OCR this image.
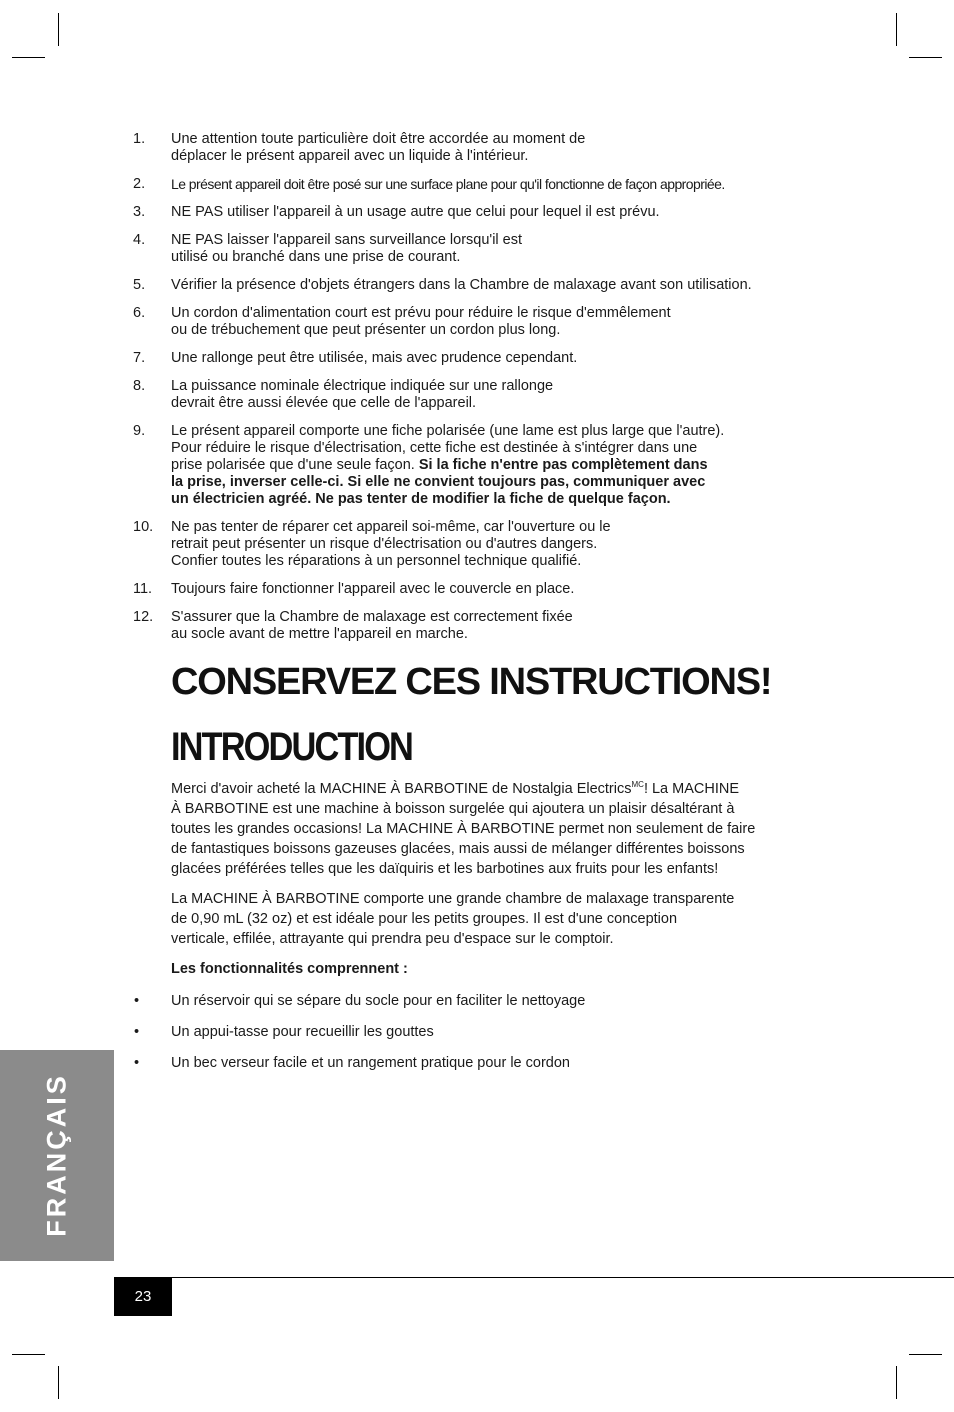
1.	Une attention toute particulière doit être accordée au moment de
déplacer le présent appareil avec un liquide à l'intérieur.
2.	Le présent appareil doit être posé sur une surface plane pour qu'il fonctionne de façon appropriée.
3.	NE PAS utiliser l'appareil à un usage autre que celui pour lequel il est prévu.
4.	NE PAS laisser l'appareil sans surveillance lorsqu'il est
utilisé ou branché dans une prise de courant.
5.	Vérifier la présence d'objets étrangers dans la Chambre de malaxage avant son utilisation.
6.	Un cordon d'alimentation court est prévu pour réduire le risque d'emmêlement
ou de trébuchement que peut présenter un cordon plus long.
7.	Une rallonge peut être utilisée, mais avec prudence cependant.
8.	La puissance nominale électrique indiquée sur une rallonge
devrait être aussi élevée que celle de l'appareil.
9.	Le présent appareil comporte une fiche polarisée (une lame est plus large que l'autre).
Pour réduire le risque d'électrisation, cette fiche est destinée à s'intégrer dans une
prise polarisée que d'une seule façon. Si la fiche n'entre pas complètement dans
la prise, inverser celle-ci. Si elle ne convient toujours pas, communiquer avec
un électricien agréé. Ne pas tenter de modifier la fiche de quelque façon.
10.	Ne pas tenter de réparer cet appareil soi-même, car l'ouverture ou le
retrait peut présenter un risque d'électrisation ou d'autres dangers.
Confier toutes les réparations à un personnel technique qualifié.
11.	Toujours faire fonctionner l'appareil avec le couvercle en place.
12.	S'assurer que la Chambre de malaxage est correctement fixée
au socle avant de mettre l'appareil en marche.
CONSERVEZ CES INSTRUCTIONS!
INTRODUCTION

Merci d'avoir acheté la MACHINE À BARBOTINE de Nostalgia Electrics$^{MC}$! La MACHINE
À BARBOTINE est une machine à boisson surgelée qui ajoutera un plaisir désaltérant à
toutes les grandes occasions! La MACHINE À BARBOTINE permet non seulement de faire
de fantastiques boissons gazeuses glacées, mais aussi de mélanger différentes boissons
glacées préférées telles que les daïquiris et les barbotines aux fruits pour les enfants!

La MACHINE À BARBOTINE comporte une grande chambre de malaxage transparente
de 0,90 mL (32 oz) et est idéale pour les petits groupes. Il est d'une conception
verticale, effilée, attrayante qui prendra peu d'espace sur le comptoir.

Les fonctionnalités comprennent :
•	Un réservoir qui se sépare du socle pour en faciliter le nettoyage
•	Un appui-tasse pour recueillir les gouttes
•	Un bec verseur facile et un rangement pratique pour le cordon
FRANÇAIS
23
